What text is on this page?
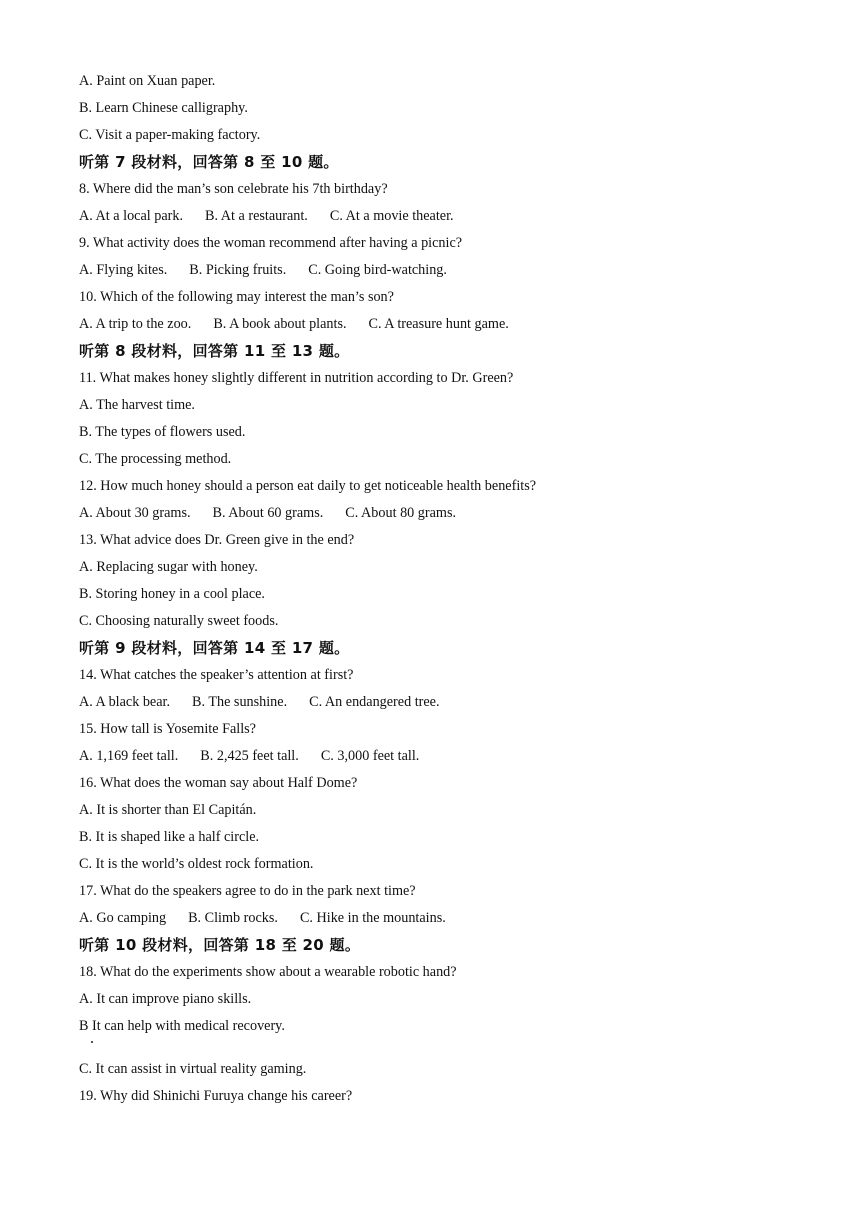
A. Paint on Xuan paper.
B. Learn Chinese calligraphy.
C. Visit a paper-making factory.
听第 7 段材料，回答第 8 至 10 题。
8. Where did the man’s son celebrate his 7th birthday?
A. At a local park. B. At a restaurant. C. At a movie theater.
9. What activity does the woman recommend after having a picnic?
A. Flying kites. B. Picking fruits. C. Going bird-watching.
10. Which of the following may interest the man’s son?
A. A trip to the zoo. B. A book about plants. C. A treasure hunt game.
听第 8 段材料，回答第 11 至 13 题。
11. What makes honey slightly different in nutrition according to Dr. Green?
A. The harvest time.
B. The types of flowers used.
C. The processing method.
12. How much honey should a person eat daily to get noticeable health benefits?
A. About 30 grams. B. About 60 grams. C. About 80 grams.
13. What advice does Dr. Green give in the end?
A. Replacing sugar with honey.
B. Storing honey in a cool place.
C. Choosing naturally sweet foods.
听第 9 段材料，回答第 14 至 17 题。
14. What catches the speaker’s attention at first?
A. A black bear. B. The sunshine. C. An endangered tree.
15. How tall is Yosemite Falls?
A. 1,169 feet tall. B. 2,425 feet tall. C. 3,000 feet tall.
16. What does the woman say about Half Dome?
A. It is shorter than El Capitán.
B. It is shaped like a half circle.
C. It is the world’s oldest rock formation.
17. What do the speakers agree to do in the park next time?
A. Go camping B. Climb rocks. C. Hike in the mountains.
听第 10 段材料，回答第 18 至 20 题。
18. What do the experiments show about a wearable robotic hand?
A. It can improve piano skills.
B It can help with medical recovery.
C. It can assist in virtual reality gaming.
19. Why did Shinichi Furuya change his career?
